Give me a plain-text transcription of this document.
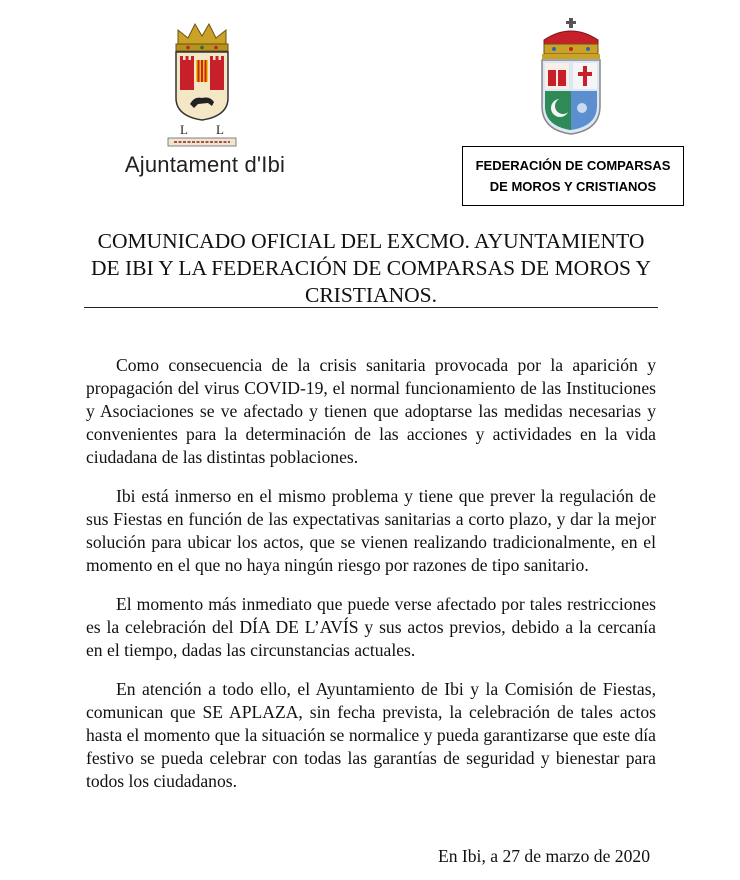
L L
Ajuntament d'Ibi	FEDERACIÓN DE COMPARSAS
DE MOROS Y CRISTIANOS
COMUNICADO OFICIAL DEL EXCMO. AYUNTAMIENTO
DE IBI Y LA FEDERACIÓN DE COMPARSAS DE MOROS Y
CRISTIANOS.

Como consecuencia de la crisis sanitaria provocada por la aparición y propagación del virus COVID-19, el normal funcionamiento de las Instituciones y Asociaciones se ve afectado y tienen que adoptarse las medidas necesarias y convenientes para la determinación de las acciones y actividades en la vida ciudadana de las distintas poblaciones.

Ibi está inmerso en el mismo problema y tiene que prever la regulación de sus Fiestas en función de las expectativas sanitarias a corto plazo, y dar la mejor solución para ubicar los actos, que se vienen realizando tradicionalmente, en el momento en el que no haya ningún riesgo por razones de tipo sanitario.

El momento más inmediato que puede verse afectado por tales restricciones es la celebración del DÍA DE L’AVÍS y sus actos previos, debido a la cercanía en el tiempo, dadas las circunstancias actuales.

En atención a todo ello, el Ayuntamiento de Ibi y la Comisión de Fiestas, comunican que SE APLAZA, sin fecha prevista, la celebración de tales actos hasta el momento que la situación se normalice y pueda garantizarse que este día festivo se pueda celebrar con todas las garantías de seguridad y bienestar para todos los ciudadanos.

En Ibi, a 27 de marzo de 2020
